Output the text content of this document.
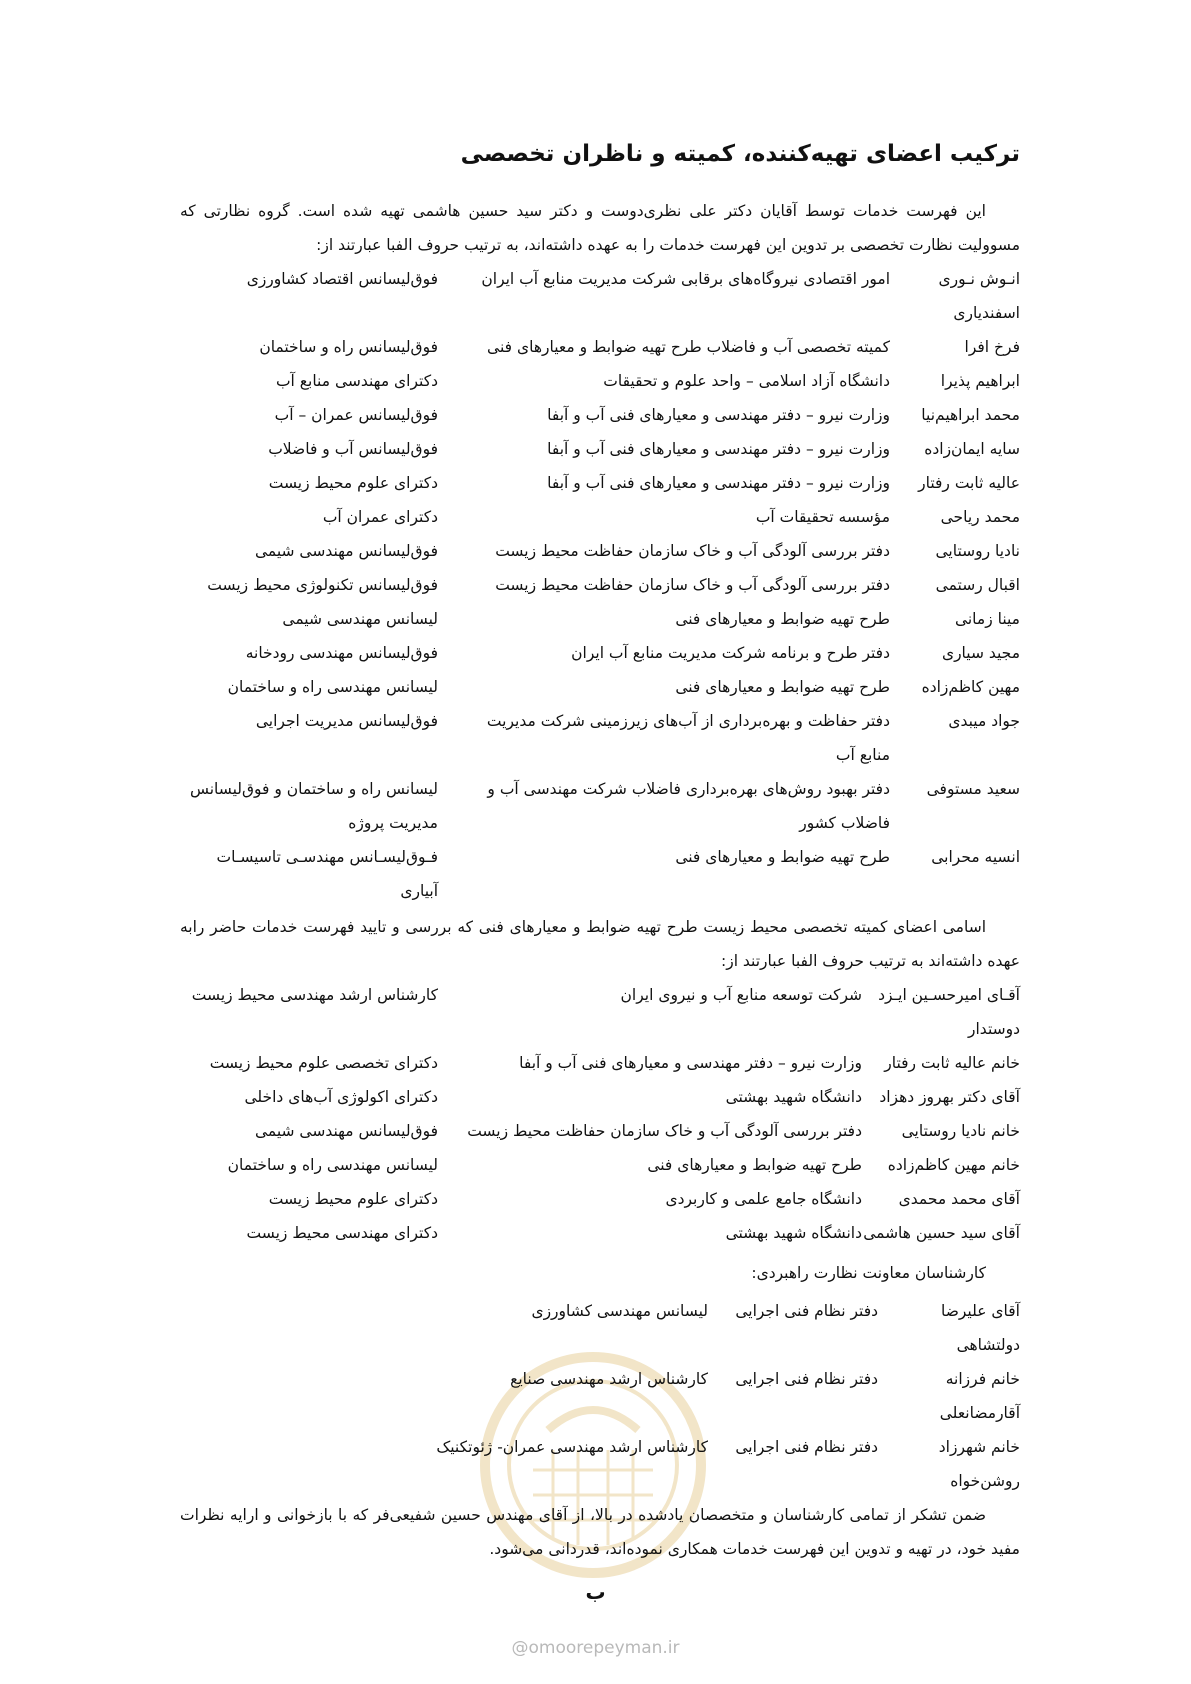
ترکیب اعضای تهیه‌کننده، کمیته و ناظران تخصصی

این فهرست خدمات توسط آقایان دکتر علی نظری‌دوست و دکتر سید حسین هاشمی تهیه شده است. گروه نظارتی که مسوولیت نظارت تخصصی بر تدوین این فهرست خدمات را به عهده داشته‌اند، به ترتیب حروف الفبا عبارتند از:

انـوش نـوری اسفندیاری	امور اقتصادی نیروگاه‌های برقابی شرکت مدیریت منابع آب ایران	فوق‌لیسانس اقتصاد کشاورزی
فرخ افرا	کمیته تخصصی آب و فاضلاب طرح تهیه ضوابط و معیارهای فنی	فوق‌لیسانس راه و ساختمان
ابراهیم پذیرا	دانشگاه آزاد اسلامی – واحد علوم و تحقیقات	دکترای مهندسی منابع آب
محمد ابراهیم‌نیا	وزارت نیرو – دفتر مهندسی و معیارهای فنی آب و آبفا	فوق‌لیسانس عمران – آب
سایه ایمان‌زاده	وزارت نیرو – دفتر مهندسی و معیارهای فنی آب و آبفا	فوق‌لیسانس آب و فاضلاب
عالیه ثابت رفتار	وزارت نیرو – دفتر مهندسی و معیارهای فنی آب و آبفا	دکترای علوم محیط زیست
محمد ریاحی	مؤسسه تحقیقات آب	دکترای عمران آب
نادیا روستایی	دفتر بررسی آلودگی آب و خاک سازمان حفاظت محیط زیست	فوق‌لیسانس مهندسی شیمی
اقبال رستمی	دفتر بررسی آلودگی آب و خاک سازمان حفاظت محیط زیست	فوق‌لیسانس تکنولوژی محیط زیست
مینا زمانی	طرح تهیه ضوابط و معیارهای فنی	لیسانس مهندسی شیمی
مجید سیاری	دفتر طرح و برنامه شرکت مدیریت منابع آب ایران	فوق‌لیسانس مهندسی رودخانه
مهین کاظم‌زاده	طرح تهیه ضوابط و معیارهای فنی	لیسانس مهندسی راه و ساختمان
جواد میبدی	دفتر حفاظت و بهره‌برداری از آب‌های زیرزمینی شرکت مدیریت منابع آب	فوق‌لیسانس مدیریت اجرایی
سعید مستوفی	دفتر بهبود روش‌های بهره‌برداری فاضلاب شرکت مهندسی آب و فاضلاب کشور	لیسانس راه و ساختمان و فوق‌لیسانس مدیریت پروژه
انسیه محرابی	طرح تهیه ضوابط و معیارهای فنی	فـوق‌لیسـانس مهندسـی تاسیسـات آبیاری

اسامی اعضای کمیته تخصصی محیط زیست طرح تهیه ضوابط و معیارهای فنی که بررسی و تایید فهرست خدمات حاضر رابه عهده داشته‌اند به ترتیب حروف الفبا عبارتند از:

آقـای امیرحسـین ایـزد دوستدار	شرکت توسعه منابع آب و نیروی ایران	کارشناس ارشد مهندسی محیط زیست
خانم عالیه ثابت رفتار	وزارت نیرو – دفتر مهندسی و معیارهای فنی آب و آبفا	دکترای تخصصی علوم محیط زیست
آقای دکتر بهروز دهزاد	دانشگاه شهید بهشتی	دکترای اکولوژی آب‌های داخلی
خانم نادیا روستایی	دفتر بررسی آلودگی آب و خاک سازمان حفاظت محیط زیست	فوق‌لیسانس مهندسی شیمی
خانم مهین کاظم‌زاده	طرح تهیه ضوابط و معیارهای فنی	لیسانس مهندسی راه و ساختمان
آقای محمد محمدی	دانشگاه جامع علمی و کاربردی	دکترای علوم محیط زیست
آقای سید حسین هاشمی	دانشگاه شهید بهشتی	دکترای مهندسی محیط زیست

کارشناسان معاونت نظارت راهبردی:

آقای علیرضا دولتشاهی	دفتر نظام فنی اجرایی	لیسانس مهندسی کشاورزی
خانم فرزانه آقارمضانعلی	دفتر نظام فنی اجرایی	کارشناس ارشد مهندسی صنایع
خانم شهرزاد روشن‌خواه	دفتر نظام فنی اجرایی	کارشناس ارشد مهندسی عمران- ژئوتکنیک

ضمن تشکر از تمامی کارشناسان و متخصصان یادشده در بالا، از آقای مهندس حسین شفیعی‌فر که با بازخوانی و ارایه نظرات مفید خود، در تهیه و تدوین این فهرست خدمات همکاری نموده‌اند، قدردانی می‌شود.

ب
@omoorepeyman.ir
